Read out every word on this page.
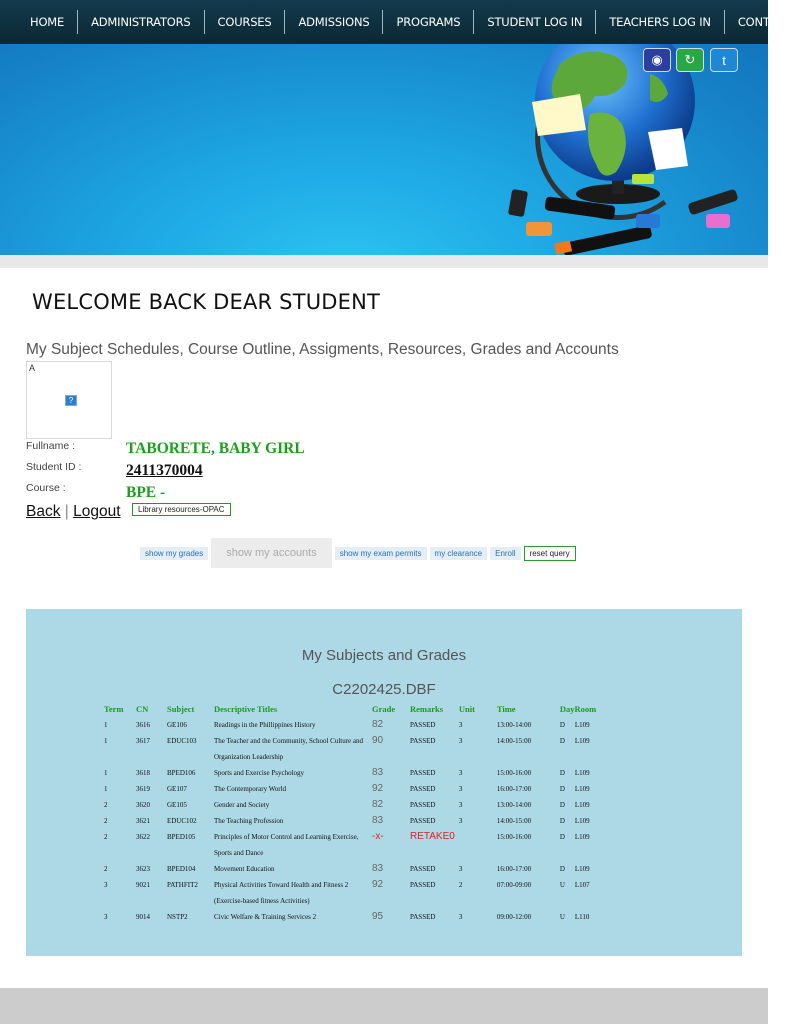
HOME	ADMINISTRATORS	COURSES	ADMISSIONS	PROGRAMS	STUDENT LOG IN	TEACHERS LOG IN	CONTACTS
◉	↻	t
WELCOME BACK DEAR STUDENT
My Subject Schedules, Course Outline, Assigments, Resources, Grades and Accounts
A
?
Fullname :	TABORETE, BABY GIRL
Student ID :	2411370004
Course :	BPE -
Back | Logout	Library resources-OPAC
show my grades	show my accounts	show my exam permits	my clearance	Enroll	reset query
My Subjects and Grades
C2202425.DBF
Term	CN	Subject	Descriptive Titles	Grade	Remarks	Unit	Time	DayRoom
1	3616	GE106	Readings in the Phillippines History	82	PASSED	3	13:00-14:00	D L109
1	3617	EDUC103	The Teacher and the Community, School Culture and Organization Leadership	90	PASSED	3	14:00-15:00	D L109
1	3618	BPED106	Sports and Exercise Psychology	83	PASSED	3	15:00-16:00	D L109
1	3619	GE107	The Contemporary World	92	PASSED	3	16:00-17:00	D L109
2	3620	GE105	Gender and Society	82	PASSED	3	13:00-14:00	D L109
2	3621	EDUC102	The Teaching Profession	83	PASSED	3	14:00-15:00	D L109
2	3622	BPED105	Principles of Motor Control and Learning Exercise, Sports and Dance	-x-	RETAKE0		15:00-16:00	D L109
2	3623	BPED104	Movement Education	83	PASSED	3	16:00-17:00	D L109
3	9021	PATHFIT2	Physical Activities Toward Health and Fitness 2 (Exercise-based fitness Activities)	92	PASSED	2	07:00-09:00	U L107
3	9014	NSTP2	Civic Welfare & Training Services 2	95	PASSED	3	09:00-12:00	U L110
